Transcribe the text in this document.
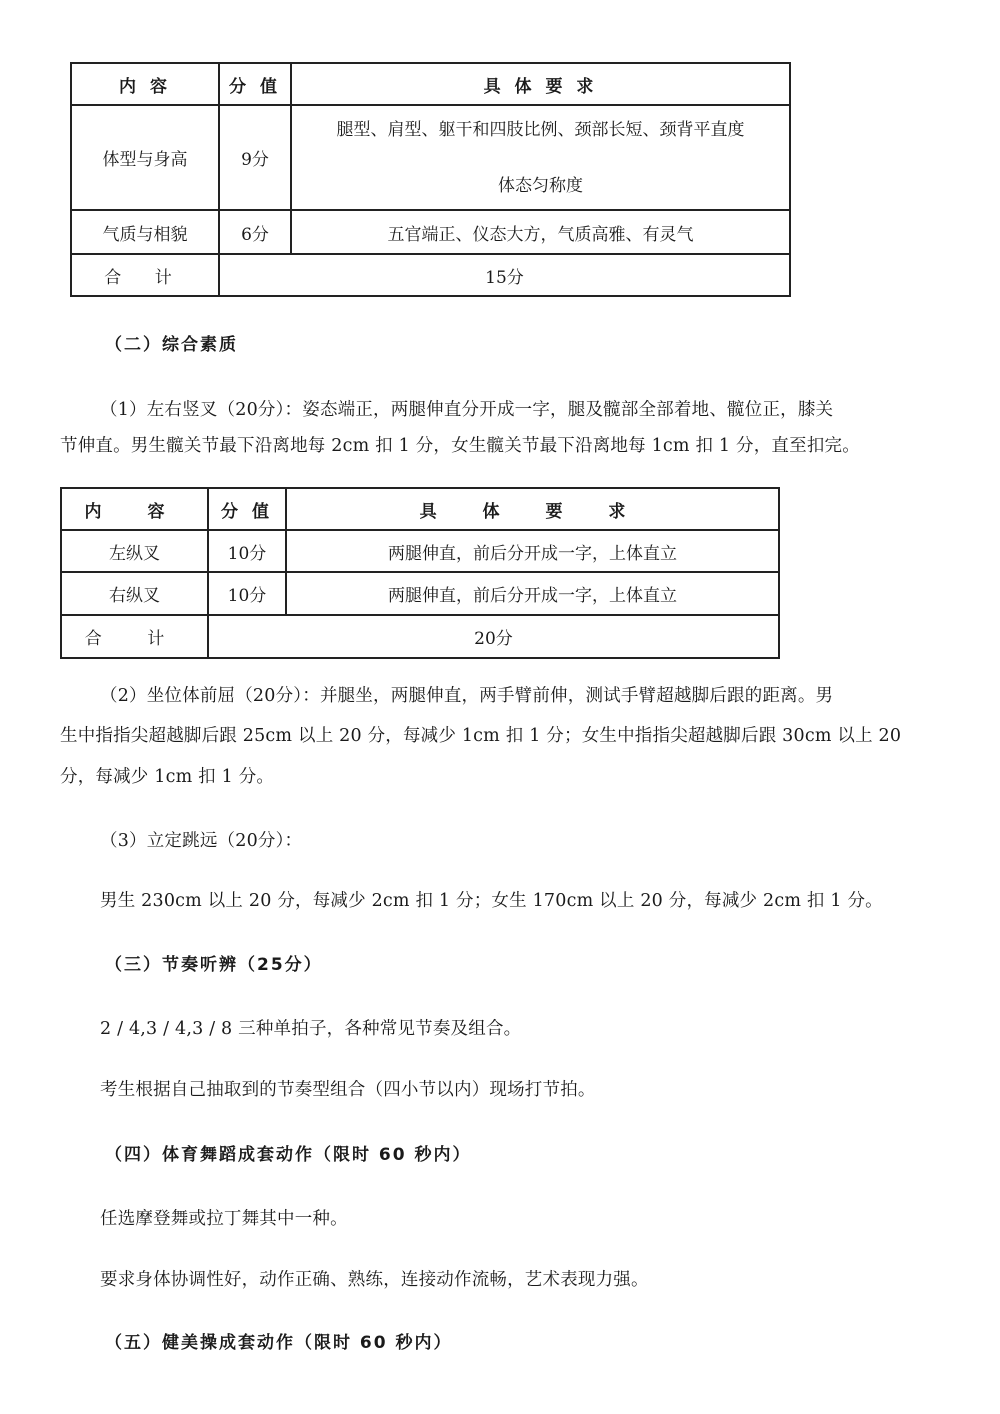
内 容	分 值	具 体 要 求
体型与身高	9分	腿型、肩型、躯干和四肢比例、颈部长短、颈背平直度
体态匀称度

气质与相貌	6分	五官端正、仪态大方，气质高雅、有灵气
合 计	15分	
（二）综合素质
（1）左右竖叉（20分）：姿态端正，两腿伸直分开成一字，腿及髋部全部着地、髋位正，膝关
节伸直。男生髋关节最下沿离地每 2cm 扣 1 分，女生髋关节最下沿离地每 1cm 扣 1 分，直至扣完。
内 容	分 值	具 体 要 求
左纵叉	10分	两腿伸直，前后分开成一字，上体直立
右纵叉	10分	两腿伸直，前后分开成一字，上体直立
合 计	20分	
（2）坐位体前屈（20分）：并腿坐，两腿伸直，两手臂前伸，测试手臂超越脚后跟的距离。男
生中指指尖超越脚后跟 25cm 以上 20 分，每减少 1cm 扣 1 分；女生中指指尖超越脚后跟 30cm 以上 20
分，每减少 1cm 扣 1 分。
（3）立定跳远（20分）：
男生 230cm 以上 20 分，每减少 2cm 扣 1 分；女生 170cm 以上 20 分，每减少 2cm 扣 1 分。
（三）节奏听辨（25分）
2 / 4,3 / 4,3 / 8 三种单拍子，各种常见节奏及组合。
考生根据自己抽取到的节奏型组合（四小节以内）现场打节拍。
（四）体育舞蹈成套动作（限时 60 秒内）
任选摩登舞或拉丁舞其中一种。
要求身体协调性好，动作正确、熟练，连接动作流畅，艺术表现力强。
（五）健美操成套动作（限时 60 秒内）
